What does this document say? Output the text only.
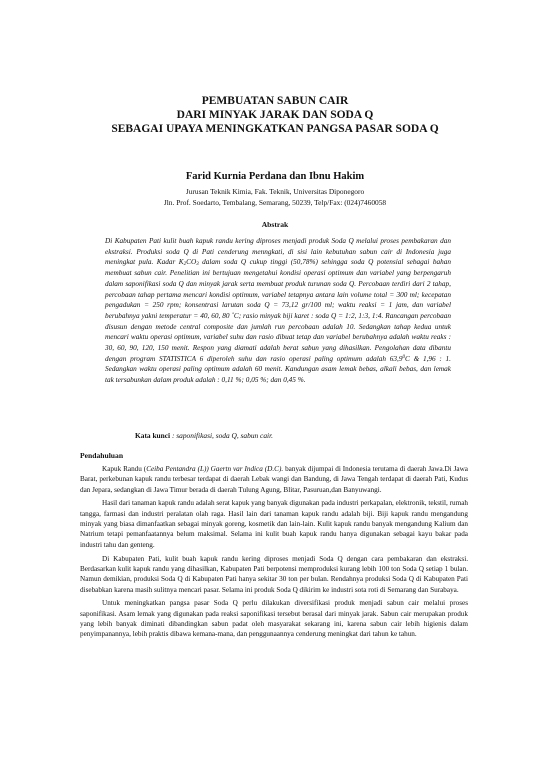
PEMBUATAN SABUN CAIR
DARI MINYAK JARAK DAN SODA Q
SEBAGAI UPAYA MENINGKATKAN PANGSA PASAR SODA Q
Farid Kurnia Perdana dan Ibnu Hakim
Jurusan Teknik Kimia, Fak. Teknik, Universitas Diponegoro
Jln. Prof. Soedarto, Tembalang, Semarang, 50239, Telp/Fax: (024)7460058
Abstrak
Di Kabupaten Pati kulit buah kapuk randu kering diproses menjadi produk Soda Q melalui proses pembakaran dan ekstraksi. Produksi soda Q di Pati cenderung menngkati, di sisi lain kebutuhan sabun cair di Indonesia juga meningkat pula. Kadar $K_2CO_3$ dalam soda Q cukup tinggi (50,78%) sehingga soda Q potensial sebagai bahan membuat sabun cair. Penelitian ini bertujuan mengetahui kondisi operasi optimum dan variabel yang berpengaruh dalam saponifikasi soda Q dan minyak jarak serta membuat produk turunan soda Q. Percobaan terdiri dari 2 tahap, percobaan tahap pertama mencari kondisi optimum, variabel tetapnya antara lain volume total = 300 ml; kecepatan pengadukan = 250 rpm; konsentrasi larutan soda Q = 73,12 gr/100 ml; waktu reaksi = 1 jam, dan variabel berubahnya yakni temperatur = 40, 60, 80 ˚C; rasio minyak biji karet : soda Q = 1:2, 1:3, 1:4. Rancangan percobaan disusun dengan metode central composite dan jumlah run percobaan adalah 10. Sedangkan tahap kedua untuk mencari waktu operasi optimum, variabel suhu dan rasio dibuat tetap dan variabel berubahnya adalah waktu reaks : 30, 60, 90, 120, 150 menit. Respon yang diamati adalah berat sabun yang dihasilkan. Pengolahan data dibantu dengan program STATISTICA 6 diperoleh suhu dan rasio operasi paling optimum adalah 63,9$^0$C & 1,96 : 1. Sedangkan waktu operasi paling optimum adalah 60 menit. Kandungan asam lemak bebas, alkali bebas, dan lemak tak tersabunkan dalam produk adalah : 0,11 %; 0,05 %; dan 0,45 %.
Kata kunci : saponifikasi, soda Q, sabun cair.
Pendahuluan

Kapuk Randu (Ceiba Pentandra (L)) Gaertn var Indica (D.C). banyak dijumpai di Indonesia terutama di daerah Jawa.Di Jawa Barat, perkebunan kapuk randu terbesar terdapat di daerah Lebak wangi dan Bandung, di Jawa Tengah terdapat di daerah Pati, Kudus dan Jepara, sedangkan di Jawa Timur berada di daerah Tulung Agung, Blitar, Pasuruan,dan Banyuwangi.

Hasil dari tanaman kapuk randu adalah serat kapuk yang banyak digunakan pada industri perkapalan, elektronik, tekstil, rumah tangga, farmasi dan industri peralatan olah raga. Hasil lain dari tanaman kapuk randu adalah biji. Biji kapuk randu mengandung minyak yang biasa dimanfaatkan sebagai minyak goreng, kosmetik dan lain-lain. Kulit kapuk randu banyak mengandung Kalium dan Natrium tetapi pemanfaatannya belum maksimal. Selama ini kulit buah kapuk randu hanya digunakan sebagai kayu bakar pada industri tahu dan genteng.

Di Kabupaten Pati, kulit buah kapuk randu kering diproses menjadi Soda Q dengan cara pembakaran dan ekstraksi. Berdasarkan kulit kapuk randu yang dihasilkan, Kabupaten Pati berpotensi memproduksi kurang lebih 100 ton Soda Q setiap 1 bulan. Namun demikian, produksi Soda Q di Kabupaten Pati hanya sekitar 30 ton per bulan. Rendahnya produksi Soda Q di Kabupaten Pati disebabkan karena masih sulitnya mencari pasar. Selama ini produk Soda Q dikirim ke industri sota roti di Semarang dan Surabaya.

Untuk meningkatkan pangsa pasar Soda Q perlu dilakukan diversifikasi produk menjadi sabun cair melalui proses saponifikasi. Asam lemak yang digunakan pada reaksi saponifikasi tersebut berasal dari minyak jarak. Sabun cair merupakan produk yang lebih banyak diminati dibandingkan sabun padat oleh masyarakat sekarang ini, karena sabun cair lebih higienis dalam penyimpanannya, lebih praktis dibawa kemana-mana, dan penggunaannya cenderung meningkat dari tahun ke tahun.
